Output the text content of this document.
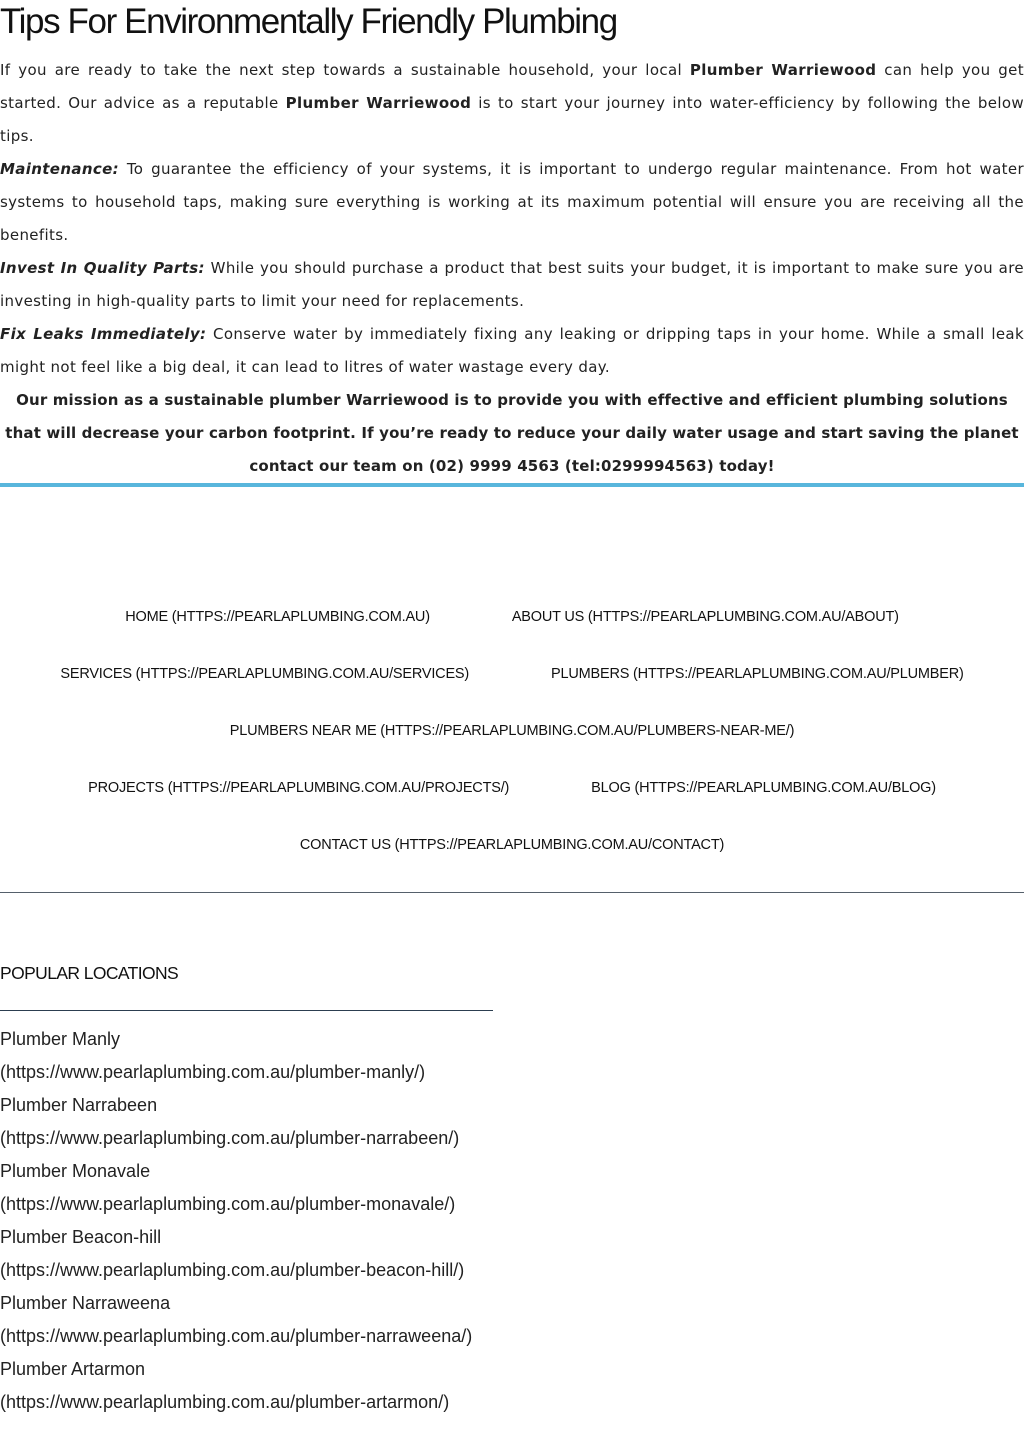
Tips For Environmentally Friendly Plumbing

If you are ready to take the next step towards a sustainable household, your local Plumber Warriewood can help you get started. Our advice as a reputable Plumber Warriewood is to start your journey into water-efficiency by following the below tips.

Maintenance: To guarantee the efficiency of your systems, it is important to undergo regular maintenance. From hot water systems to household taps, making sure everything is working at its maximum potential will ensure you are receiving all the benefits.

Invest In Quality Parts: While you should purchase a product that best suits your budget, it is important to make sure you are investing in high-quality parts to limit your need for replacements.

Fix Leaks Immediately: Conserve water by immediately fixing any leaking or dripping taps in your home. While a small leak might not feel like a big deal, it can lead to litres of water wastage every day.

Our mission as a sustainable plumber Warriewood is to provide you with effective and efficient plumbing solutions that will decrease your carbon footprint. If you’re ready to reduce your daily water usage and start saving the planet contact our team on (02) 9999 4563 (tel:0299994563) today!

HOME (HTTPS://PEARLAPLUMBING.COM.AU)	ABOUT US (HTTPS://PEARLAPLUMBING.COM.AU/ABOUT)
SERVICES (HTTPS://PEARLAPLUMBING.COM.AU/SERVICES)	PLUMBERS (HTTPS://PEARLAPLUMBING.COM.AU/PLUMBER)
PLUMBERS NEAR ME (HTTPS://PEARLAPLUMBING.COM.AU/PLUMBERS-NEAR-ME/)
PROJECTS (HTTPS://PEARLAPLUMBING.COM.AU/PROJECTS/)	BLOG (HTTPS://PEARLAPLUMBING.COM.AU/BLOG)
CONTACT US (HTTPS://PEARLAPLUMBING.COM.AU/CONTACT)
POPULAR LOCATIONS
Plumber Manly
(https://www.pearlaplumbing.com.au/plumber-manly/)
Plumber Narrabeen
(https://www.pearlaplumbing.com.au/plumber-narrabeen/)
Plumber Monavale
(https://www.pearlaplumbing.com.au/plumber-monavale/)
Plumber Beacon-hill
(https://www.pearlaplumbing.com.au/plumber-beacon-hill/)
Plumber Narraweena
(https://www.pearlaplumbing.com.au/plumber-narraweena/)
Plumber Artarmon
(https://www.pearlaplumbing.com.au/plumber-artarmon/)
